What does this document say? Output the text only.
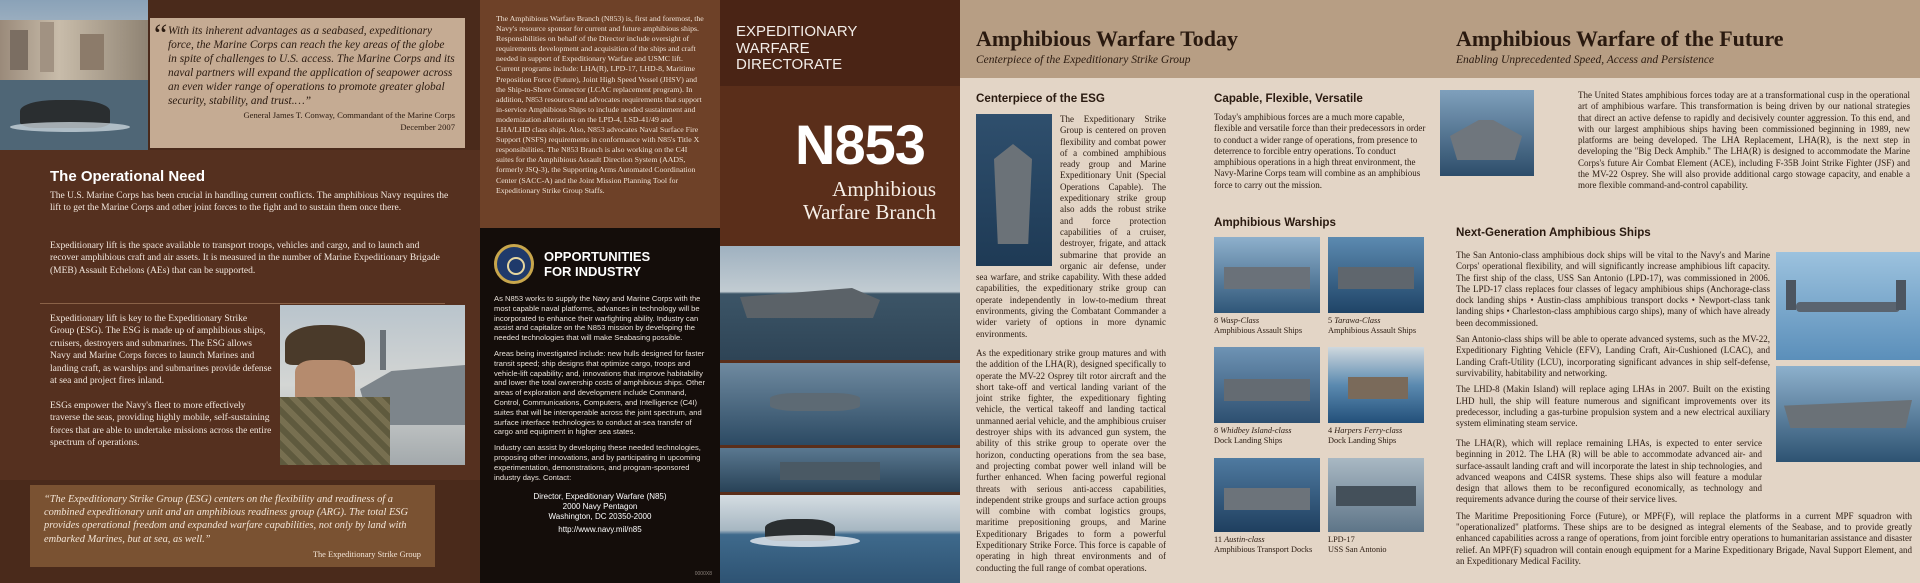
“ With its inherent advantages as a seabased, expeditionary force, the Marine Corps can reach the key areas of the globe in spite of challenges to U.S. access. The Marine Corps and its naval partners will expand the application of seapower across an even wider range of operations to promote greater global security, stability, and trust.…”

General James T. Conway, Commandant of the Marine Corps

December 2007

The Operational Need

The U.S. Marine Corps has been crucial in handling current conflicts. The amphibious Navy requires the lift to get the Marine Corps and other joint forces to the fight and to sustain them once there.

Expeditionary lift is the space available to transport troops, vehicles and cargo, and to launch and recover amphibious craft and air assets. It is measured in the number of Marine Expeditionary Brigade (MEB) Assault Echelons (AEs) that can be supported.

Expeditionary lift is key to the Expeditionary Strike Group (ESG). The ESG is made up of amphibious ships, cruisers, destroyers and submarines. The ESG allows Navy and Marine Corps forces to launch Marines and landing craft, as warships and submarines provide defense at sea and project fires inland.

ESGs empower the Navy's fleet to more effectively traverse the seas, providing highly mobile, self-sustaining forces that are able to undertake missions across the entire spectrum of operations.

“The Expeditionary Strike Group (ESG) centers on the flexibility and readiness of a combined expeditionary unit and an amphibious readiness group (ARG). The total ESG provides operational freedom and expanded warfare capabilities, not only by land with embarked Marines, but at sea, as well.”

The Expeditionary Strike Group

The Amphibious Warfare Branch (N853) is, first and foremost, the Navy's resource sponsor for current and future amphibious ships. Responsibilities on behalf of the Director include oversight of requirements development and acquisition of the ships and craft needed in support of Expeditionary Warfare and USMC lift. Current programs include: LHA(R), LPD-17, LHD-8, Maritime Preposition Force (Future), Joint High Speed Vessel (JHSV) and the Ship-to-Shore Connector (LCAC replacement program). In addition, N853 resources and advocates requirements that support in-service Amphibious Ships to include needed sustainment and modernization alterations on the LPD-4, LSD-41/49 and LHA/LHD class ships. Also, N853 advocates Naval Surface Fire Support (NSFS) requirements in conformance with N85's Title X responsibilities. The N853 Branch is also working on the C4I suites for the Amphibious Assault Direction System (AADS, formerly JSQ-3), the Supporting Arms Automated Coordination Center (SACC-A) and the Joint Mission Planning Tool for Expeditionary Strike Group Staffs.

OPPORTUNITIES
FOR INDUSTRY

As N853 works to supply the Navy and Marine Corps with the most capable naval platforms, advances in technology will be incorporated to enhance their warfighting ability. Industry can assist and capitalize on the N853 mission by developing the needed technologies that will make Seabasing possible.

Areas being investigated include: new hulls designed for faster transit speed; ship designs that optimize cargo, troops and vehicle-lift capability; and, innovations that improve habitability and lower the total ownership costs of amphibious ships. Other areas of exploration and development include Command, Control, Communications, Computers, and Intelligence (C4I) suites that will be interoperable across the joint spectrum, and surface interface technologies to conduct at-sea transfer of cargo and equipment in higher sea states.

Industry can assist by developing these needed technologies, proposing other innovations, and by participating in upcoming experimentation, demonstrations, and program-sponsored industry days. Contact:

Director, Expeditionary Warfare (N85)
2000 Navy Pentagon
Washington, DC 20350-2000
http://www.navy.mil/n85
0000X8
EXPEDITIONARY
WARFARE
DIRECTORATE
N853
Amphibious
Warfare Branch
Amphibious Warfare Today

Centerpiece of the Expeditionary Strike Group

Centerpiece of the ESG

The Expeditionary Strike Group is centered on proven flexibility and combat power of a combined amphibious ready group and Marine Expeditionary Unit (Special Operations Capable). The expeditionary strike group also adds the robust strike and force protection capabilities of a cruiser, destroyer, frigate, and attack submarine that provide an organic air defense, under sea warfare, and strike capability. With these added capabilities, the expeditionary strike group can operate independently in low-to-medium threat environments, giving the Combatant Commander a wider variety of options in more dynamic environments.

As the expeditionary strike group matures and with the addition of the LHA(R), designed specifically to operate the MV-22 Osprey tilt rotor aircraft and the short take-off and vertical landing variant of the joint strike fighter, the expeditionary fighting vehicle, the vertical takeoff and landing tactical unmanned aerial vehicle, and the amphibious cruiser destroyer ships with its advanced gun system, the ability of this strike group to operate over the horizon, conducting operations from the sea base, and projecting combat power well inland will be further enhanced. When facing powerful regional threats with serious anti-access capabilities, independent strike groups and surface action groups will combine with combat logistics groups, maritime prepositioning groups, and Marine Expeditionary Brigades to form a powerful Expeditionary Strike Force. This force is capable of operating in high threat environments and of conducting the full range of combat operations.

Capable, Flexible, Versatile

Today's amphibious forces are a much more capable, flexible and versatile force than their predecessors in order to conduct a wider range of operations, from presence to deterrence to forcible entry operations. To conduct amphibious operations in a high threat environment, the Navy-Marine Corps team will combine as an amphibious force to carry out the mission.

Amphibious Warships
8 Wasp-Class
Amphibious Assault Ships
5 Tarawa-Class
Amphibious Assault Ships
8 Whidbey Island-class
Dock Landing Ships
4 Harpers Ferry-class
Dock Landing Ships
11 Austin-class
Amphibious Transport Docks
LPD-17
USS San Antonio
Amphibious Warfare of the Future

Enabling Unprecedented Speed, Access and Persistence

The United States amphibious forces today are at a transformational cusp in the operational art of amphibious warfare. This transformation is being driven by our national strategies that direct an active defense to rapidly and decisively counter aggression. To this end, and with our largest amphibious ships having been commissioned beginning in 1989, new platforms are being developed. The LHA Replacement, LHA(R), is the next step in developing the "Big Deck Amphib." The LHA(R) is designed to accommodate the Marine Corps's future Air Combat Element (ACE), including F-35B Joint Strike Fighter (JSF) and the MV-22 Osprey. She will also provide additional cargo stowage capacity, and enable a more flexible command-and-control capability.

Next-Generation Amphibious Ships

The San Antonio-class amphibious dock ships will be vital to the Navy's and Marine Corps' operational flexibility, and will significantly increase amphibious lift capacity. The first ship of the class, USS San Antonio (LPD-17), was commissioned in 2006. The LPD-17 class replaces four classes of legacy amphibious ships (Anchorage-class dock landing ships • Austin-class amphibious transport docks • Newport-class tank landing ships • Charleston-class amphibious cargo ships), many of which have already been decommissioned.

San Antonio-class ships will be able to operate advanced systems, such as the MV-22, Expeditionary Fighting Vehicle (EFV), Landing Craft, Air-Cushioned (LCAC), and Landing Craft-Utility (LCU), incorporating significant advances in ship self-defense, survivability, habitability and networking.

The LHD-8 (Makin Island) will replace aging LHAs in 2007. Built on the existing LHD hull, the ship will feature numerous and significant improvements over its predecessor, including a gas-turbine propulsion system and a new electrical auxiliary system eliminating steam service.

The LHA(R), which will replace remaining LHAs, is expected to enter service beginning in 2012. The LHA (R) will be able to accommodate advanced air- and surface-assault landing craft and will incorporate the latest in ship technologies, and advanced weapons and C4ISR systems. These ships also will feature a modular design that allows them to be reconfigured economically, as technology and requirements advance during the course of their service lives.

The Maritime Prepositioning Force (Future), or MPF(F), will replace the platforms in a current MPF squadron with "operationalized" platforms. These ships are to be designed as integral elements of the Seabase, and to provide greatly enhanced capabilities across a range of operations, from joint forcible entry operations to humanitarian assistance and disaster relief. An MPF(F) squadron will contain enough equipment for a Marine Expeditionary Brigade, Naval Support Element, and an Expeditionary Medical Facility.
